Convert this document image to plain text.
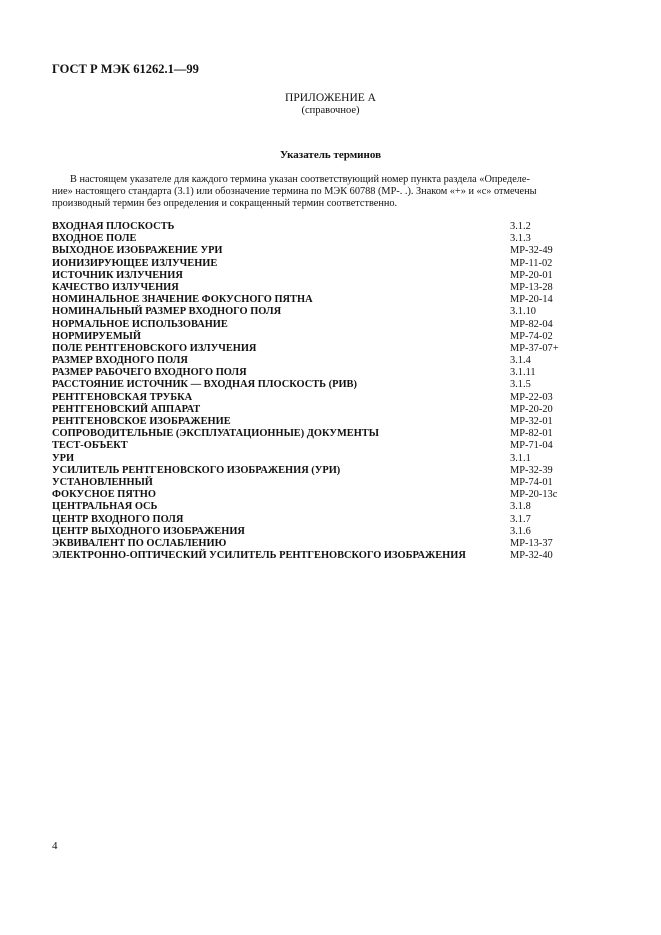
ГОСТ Р МЭК 61262.1—99
ПРИЛОЖЕНИЕ А
(справочное)
Указатель терминов
В настоящем указателе для каждого термина указан соответствующий номер пункта раздела «Определе-
ние» настоящего стандарта (3.1) или обозначение термина по МЭК 60788 (МР-. .). Знаком «+» и «с» отмечены
производный термин без определения и сокращенный термин соответственно.
ВХОДНАЯ ПЛОСКОСТЬ	3.1.2
ВХОДНОЕ ПОЛЕ	3.1.3
ВЫХОДНОЕ ИЗОБРАЖЕНИЕ УРИ	МР-32-49
ИОНИЗИРУЮЩЕЕ ИЗЛУЧЕНИЕ	МР-11-02
ИСТОЧНИК ИЗЛУЧЕНИЯ	МР-20-01
КАЧЕСТВО ИЗЛУЧЕНИЯ	МР-13-28
НОМИНАЛЬНОЕ ЗНАЧЕНИЕ ФОКУСНОГО ПЯТНА	МР-20-14
НОМИНАЛЬНЫЙ РАЗМЕР ВХОДНОГО ПОЛЯ	3.1.10
НОРМАЛЬНОЕ ИСПОЛЬЗОВАНИЕ	МР-82-04
НОРМИРУЕМЫЙ	МР-74-02
ПОЛЕ РЕНТГЕНОВСКОГО ИЗЛУЧЕНИЯ	МР-37-07+
РАЗМЕР ВХОДНОГО ПОЛЯ	3.1.4
РАЗМЕР РАБОЧЕГО ВХОДНОГО ПОЛЯ	3.1.11
РАССТОЯНИЕ ИСТОЧНИК — ВХОДНАЯ ПЛОСКОСТЬ (РИВ)	3.1.5
РЕНТГЕНОВСКАЯ ТРУБКА	МР-22-03
РЕНТГЕНОВСКИЙ АППАРАТ	МР-20-20
РЕНТГЕНОВСКОЕ ИЗОБРАЖЕНИЕ	МР-32-01
СОПРОВОДИТЕЛЬНЫЕ (ЭКСПЛУАТАЦИОННЫЕ) ДОКУМЕНТЫ	МР-82-01
ТЕСТ-ОБЪЕКТ	МР-71-04
УРИ	3.1.1
УСИЛИТЕЛЬ РЕНТГЕНОВСКОГО ИЗОБРАЖЕНИЯ (УРИ)	МР-32-39
УСТАНОВЛЕННЫЙ	МР-74-01
ФОКУСНОЕ ПЯТНО	МР-20-13с
ЦЕНТРАЛЬНАЯ ОСЬ	3.1.8
ЦЕНТР ВХОДНОГО ПОЛЯ	3.1.7
ЦЕНТР ВЫХОДНОГО ИЗОБРАЖЕНИЯ	3.1.6
ЭКВИВАЛЕНТ ПО ОСЛАБЛЕНИЮ	МР-13-37
ЭЛЕКТРОННО-ОПТИЧЕСКИЙ УСИЛИТЕЛЬ РЕНТГЕНОВСКОГО ИЗОБРАЖЕНИЯ	МР-32-40
4
